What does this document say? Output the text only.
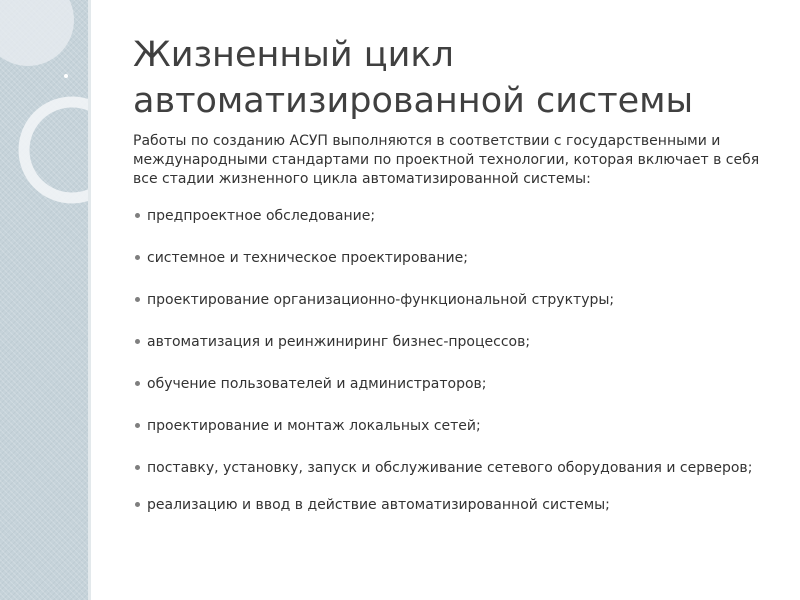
Жизненный цикл
автоматизированной системы

Работы по созданию АСУП выполняются в соответствии с государственными и международными стандартами по проектной технологии, которая включает в себя все стадии жизненного цикла автоматизированной системы:

предпроектное обследование;
системное и техническое проектирование;
проектирование организационно-функциональной структуры;
автоматизация и реинжиниринг бизнес-процессов;
обучение пользователей и администраторов;
проектирование и монтаж локальных сетей;
поставку, установку, запуск и обслуживание сетевого оборудования и серверов;
реализацию и ввод в действие автоматизированной системы;
